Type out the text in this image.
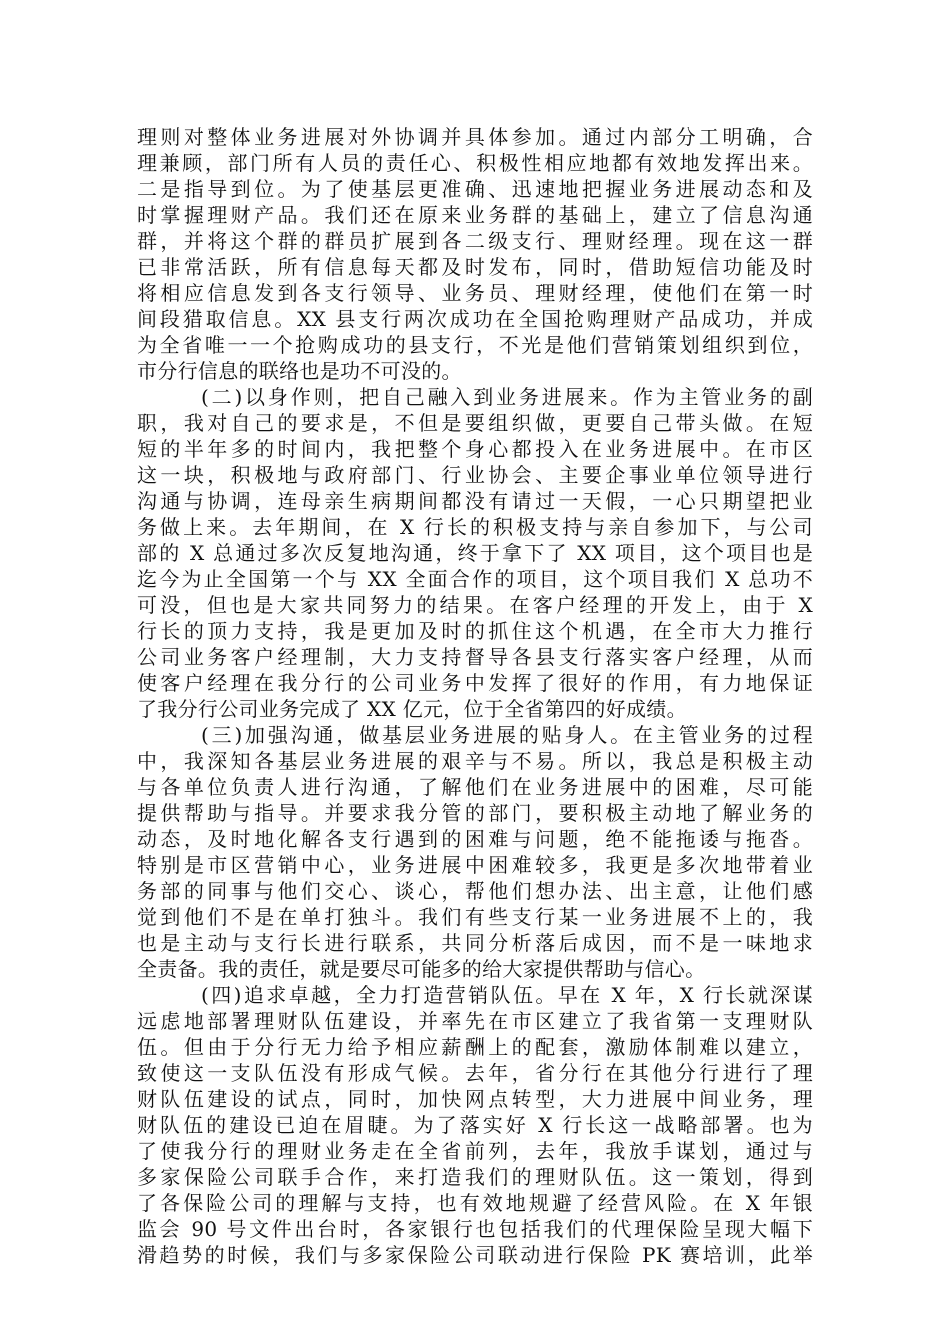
理则对整体业务进展对外协调并具体参加。通过内部分工明确，合
理兼顾，部门所有人员的责任心、积极性相应地都有效地发挥出来。
二是指导到位。为了使基层更准确、迅速地把握业务进展动态和及
时掌握理财产品。我们还在原来业务群的基础上，建立了信息沟通
群，并将这个群的群员扩展到各二级支行、理财经理。现在这一群
已非常活跃，所有信息每天都及时发布，同时，借助短信功能及时
将相应信息发到各支行领导、业务员、理财经理，使他们在第一时
间段猎取信息。XX 县支行两次成功在全国抢购理财产品成功，并成
为全省唯一一个抢购成功的县支行，不光是他们营销策划组织到位，
市分行信息的联络也是功不可没的。
(二)以身作则，把自己融入到业务进展来。作为主管业务的副
职，我对自己的要求是，不但是要组织做，更要自己带头做。在短
短的半年多的时间内，我把整个身心都投入在业务进展中。在市区
这一块，积极地与政府部门、行业协会、主要企事业单位领导进行
沟通与协调，连母亲生病期间都没有请过一天假，一心只期望把业
务做上来。去年期间，在 X 行长的积极支持与亲自参加下，与公司
部的 X 总通过多次反复地沟通，终于拿下了 XX 项目，这个项目也是
迄今为止全国第一个与 XX 全面合作的项目，这个项目我们 X 总功不
可没，但也是大家共同努力的结果。在客户经理的开发上，由于 X
行长的顶力支持，我是更加及时的抓住这个机遇，在全市大力推行
公司业务客户经理制，大力支持督导各县支行落实客户经理，从而
使客户经理在我分行的公司业务中发挥了很好的作用，有力地保证
了我分行公司业务完成了 XX 亿元，位于全省第四的好成绩。
(三)加强沟通，做基层业务进展的贴身人。在主管业务的过程
中，我深知各基层业务进展的艰辛与不易。所以，我总是积极主动
与各单位负责人进行沟通，了解他们在业务进展中的困难，尽可能
提供帮助与指导。并要求我分管的部门，要积极主动地了解业务的
动态，及时地化解各支行遇到的困难与问题，绝不能拖诿与拖沓。
特别是市区营销中心，业务进展中困难较多，我更是多次地带着业
务部的同事与他们交心、谈心，帮他们想办法、出主意，让他们感
觉到他们不是在单打独斗。我们有些支行某一业务进展不上的，我
也是主动与支行长进行联系，共同分析落后成因，而不是一味地求
全责备。我的责任，就是要尽可能多的给大家提供帮助与信心。
(四)追求卓越，全力打造营销队伍。早在 X 年，X 行长就深谋
远虑地部署理财队伍建设，并率先在市区建立了我省第一支理财队
伍。但由于分行无力给予相应薪酬上的配套，激励体制难以建立，
致使这一支队伍没有形成气候。去年，省分行在其他分行进行了理
财队伍建设的试点，同时，加快网点转型，大力进展中间业务，理
财队伍的建设已迫在眉睫。为了落实好 X 行长这一战略部署。也为
了使我分行的理财业务走在全省前列，去年，我放手谋划，通过与
多家保险公司联手合作，来打造我们的理财队伍。这一策划，得到
了各保险公司的理解与支持，也有效地规避了经营风险。在 X 年银
监会 90 号文件出台时，各家银行也包括我们的代理保险呈现大幅下
滑趋势的时候，我们与多家保险公司联动进行保险 PK 赛培训，此举
